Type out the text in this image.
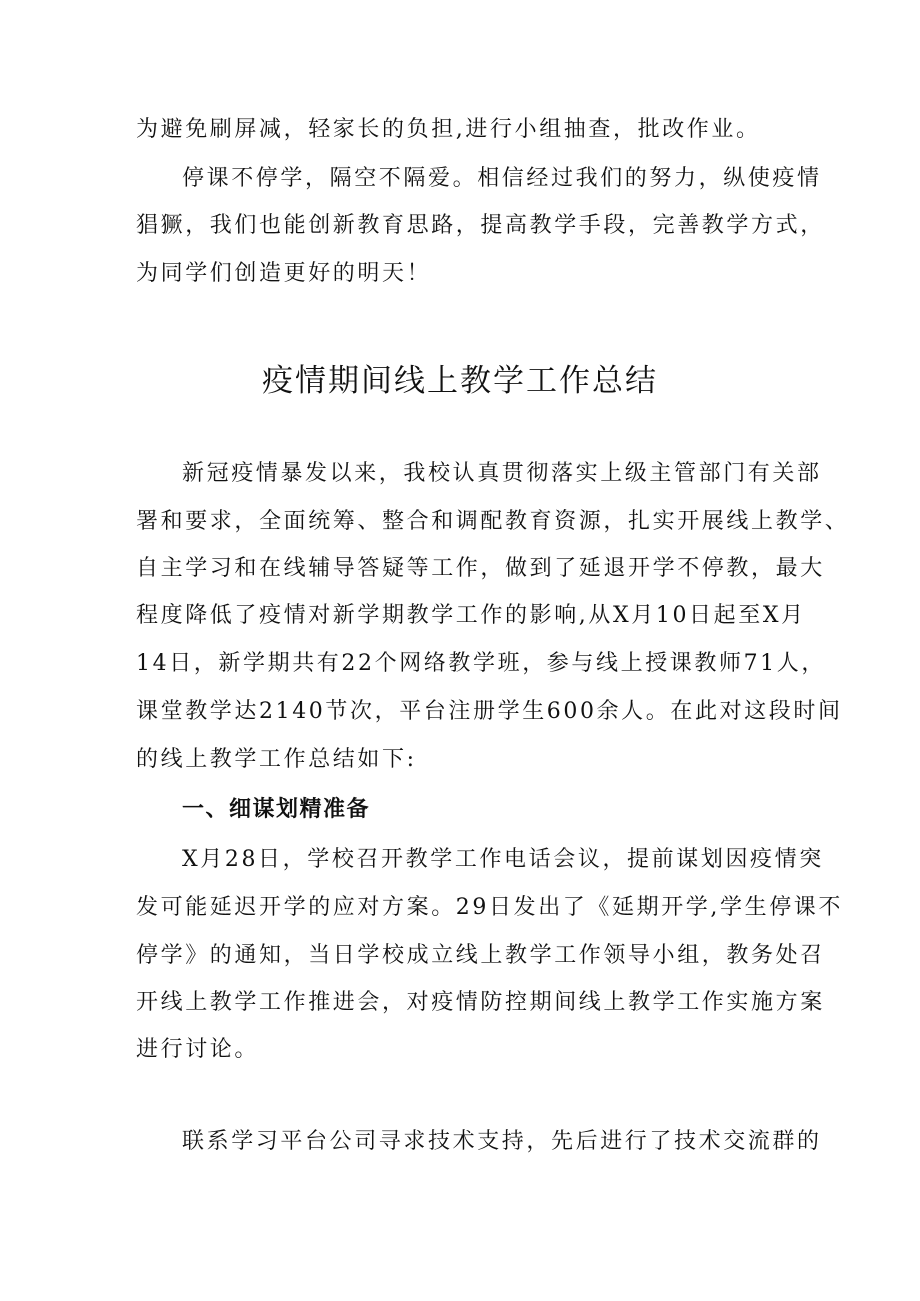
为避免刷屏减，轻家长的负担,进行小组抽查，批改作业。
停课不停学，隔空不隔爱。相信经过我们的努力，纵使疫情
猖獗，我们也能创新教育思路，提高教学手段，完善教学方式，
为同学们创造更好的明天！
疫情期间线上教学工作总结
新冠疫情暴发以来，我校认真贯彻落实上级主管部门有关部
署和要求，全面统筹、整合和调配教育资源，扎实开展线上教学、
自主学习和在线辅导答疑等工作，做到了延退开学不停教，最大
程度降低了疫情对新学期教学工作的影响,从X月10日起至X月
14日，新学期共有22个网络教学班，参与线上授课教师71人，
课堂教学达2140节次，平台注册学生600余人。在此对这段时间
的线上教学工作总结如下:
一、细谋划精准备
X月28日，学校召开教学工作电话会议，提前谋划因疫情突
发可能延迟开学的应对方案。29日发出了《延期开学,学生停课不
停学》的通知，当日学校成立线上教学工作领导小组，教务处召
开线上教学工作推进会，对疫情防控期间线上教学工作实施方案
进行讨论。
联系学习平台公司寻求技术支持，先后进行了技术交流群的
